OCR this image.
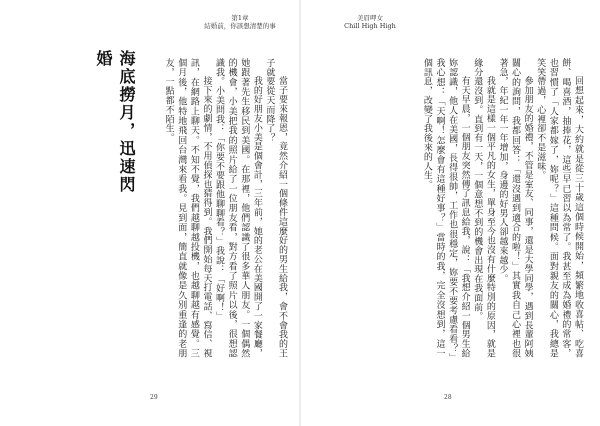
第1章
結婚前，你該想清楚的事

當子要來報恩，竟然介紹一個條件這麼好的男生給我，會不會我的王子就要從天而降了？

我的好朋友小美是個會計，三年前，她的老公在美國開了一家餐廳，她跟著先生移民到美國。在那裡，他們認識了很多華人朋友。一個偶然的機會，小美把我的照片給了一位朋友看，對方看了照片以後，很想認識我。小美問我：「你要不要跟他聊聊看？」我說：「好啊！」

接下來的劇情，不用偵探也猜得到。我們開始每天打電話、寫信、視訊，在網路上聊天。不知不覺，我們越聊越投機，也越聊越有感覺。三個月後，他特地飛回台灣來看我。見到面，簡直就像是久別重逢的老朋友，一點都不陌生。

海底撈月，迅速閃婚
29
美眉呷女
Chill High High

回想起來，大約就是從三十歲這個時候開始，頻繁地收喜帖、吃喜餅、喝喜酒，抽捧花，這些早已習以為常了。我甚至成為婚禮的常客，也習慣了「人家都嫁了，妳呢？」這種問候。面對親友的關心，我總是笑笑帶過，心裡卻不是滋味。

參加朋友的婚禮，不管是室友、同事，還是大學同學，遇到長輩阿姨關心的詢問，我都回答：「還沒遇到適合的啦！」其實我自己心裡也很著急，年紀一年一年增加，身邊的好男人卻越來越少。

我就是這樣一個平凡的女生，單身至今也沒有什麼特別的原因，就是緣分還沒到。直到有一天，一個意想不到的機會出現在我面前。

有天早晨，一個朋友突然傳了訊息給我，說：「我想介紹一個男生給妳認識，他人在美國，長得很帥，工作也很穩定，妳要不要考慮看看？」我心想：「天啊！怎麼會有這種好事？」當時的我，完全沒想到，這一個訊息，改變了我後來的人生。

28
